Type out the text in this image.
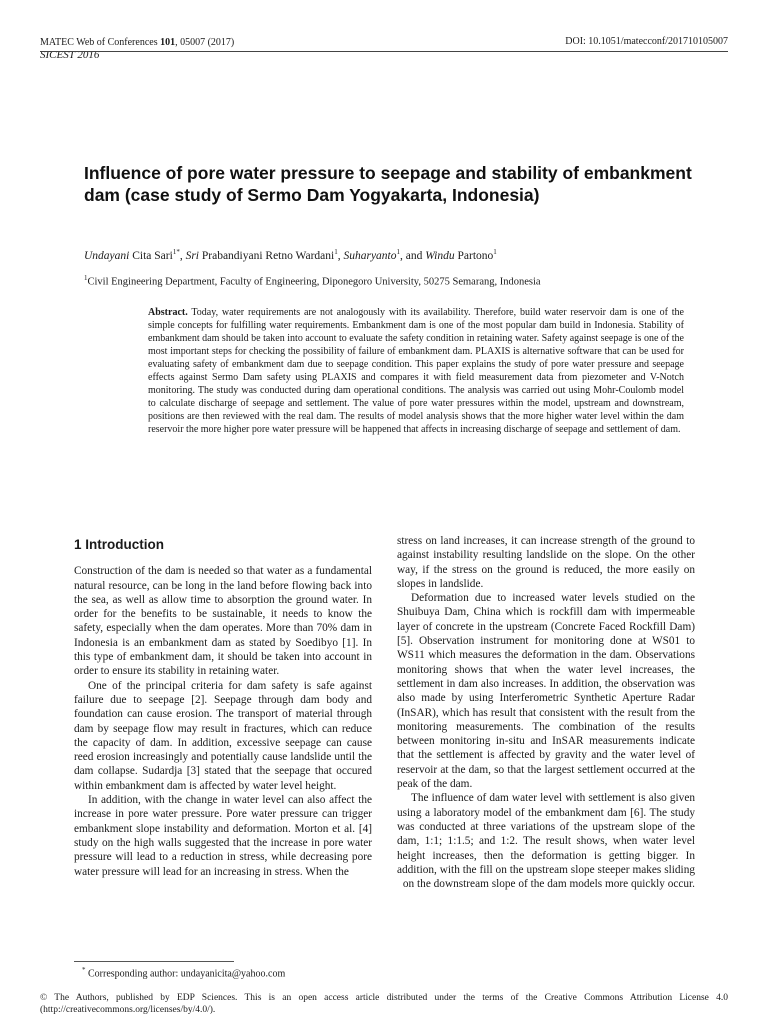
MATEC Web of Conferences 101, 05007 (2017)
SICEST 2016
DOI: 10.1051/matecconf/201710105007
Influence of pore water pressure to seepage and stability of embankment dam (case study of Sermo Dam Yogyakarta, Indonesia)
Undayani Cita Sari$^{1*}$, Sri Prabandiyani Retno Wardani$^1$, Suharyanto$^1$, and Windu Partono$^1$
$^1$Civil Engineering Department, Faculty of Engineering, Diponegoro University, 50275 Semarang, Indonesia
Abstract. Today, water requirements are not analogously with its availability. Therefore, build water reservoir dam is one of the simple concepts for fulfilling water requirements. Embankment dam is one of the most popular dam build in Indonesia. Stability of embankment dam should be taken into account to evaluate the safety condition in retaining water. Safety against seepage is one of the most important steps for checking the possibility of failure of embankment dam. PLAXIS is alternative software that can be used for evaluating safety of embankment dam due to seepage condition. This paper explains the study of pore water pressure and seepage effects against Sermo Dam safety using PLAXIS and compares it with field measurement data from piezometer and V-Notch monitoring. The study was conducted during dam operational conditions. The analysis was carried out using Mohr-Coulomb model to calculate discharge of seepage and settlement. The value of pore water pressures within the model, upstream and downstream, positions are then reviewed with the real dam. The results of model analysis shows that the more higher water level within the dam reservoir the more higher pore water pressure will be happened that affects in increasing discharge of seepage and settlement of dam.
1 Introduction

Construction of the dam is needed so that water as a fundamental natural resource, can be long in the land before flowing back into the sea, as well as allow time to absorption the ground water. In order for the benefits to be sustainable, it needs to know the safety, especially when the dam operates. More than 70% dam in Indonesia is an embankment dam as stated by Soedibyo [1]. In this type of embankment dam, it should be taken into account in order to ensure its stability in retaining water.

One of the principal criteria for dam safety is safe against failure due to seepage [2]. Seepage through dam body and foundation can cause erosion. The transport of material through dam by seepage flow may result in fractures, which can reduce the capacity of dam. In addition, excessive seepage can cause reed erosion increasingly and potentially cause landslide until the dam collapse. Sudardja [3] stated that the seepage that occured within embankment dam is affected by water level height.

In addition, with the change in water level can also affect the increase in pore water pressure. Pore water pressure can trigger embankment slope instability and deformation. Morton et al. [4] study on the high walls suggested that the increase in pore water pressure will lead to a reduction in stress, while decreasing pore water pressure will lead for an increasing in stress. When the

stress on land increases, it can increase strength of the ground to against instability resulting landslide on the slope. On the other way, if the stress on the ground is reduced, the more easily on slopes in landslide.

Deformation due to increased water levels studied on the Shuibuya Dam, China which is rockfill dam with impermeable layer of concrete in the upstream (Concrete Faced Rockfill Dam) [5]. Observation instrument for monitoring done at WS01 to WS11 which measures the deformation in the dam. Observations monitoring shows that when the water level increases, the settlement in dam also increases. In addition, the observation was also made by using Interferometric Synthetic Aperture Radar (InSAR), which has result that consistent with the result from the monitoring measurements. The combination of the results between monitoring in-situ and InSAR measurements indicate that the settlement is affected by gravity and the water level of reservoir at the dam, so that the largest settlement occurred at the peak of the dam.

The influence of dam water level with settlement is also given using a laboratory model of the embankment dam [6]. The study was conducted at three variations of the upstream slope of the dam, 1:1; 1:1.5; and 1:2. The result shows, when water level height increases, then the deformation is getting bigger. In addition, with the fill on the upstream slope steeper makes sliding on the downstream slope of the dam models more quickly occur.

* Corresponding author: undayanicita@yahoo.com
© The Authors, published by EDP Sciences. This is an open access article distributed under the terms of the Creative Commons Attribution License 4.0 (http://creativecommons.org/licenses/by/4.0/).
